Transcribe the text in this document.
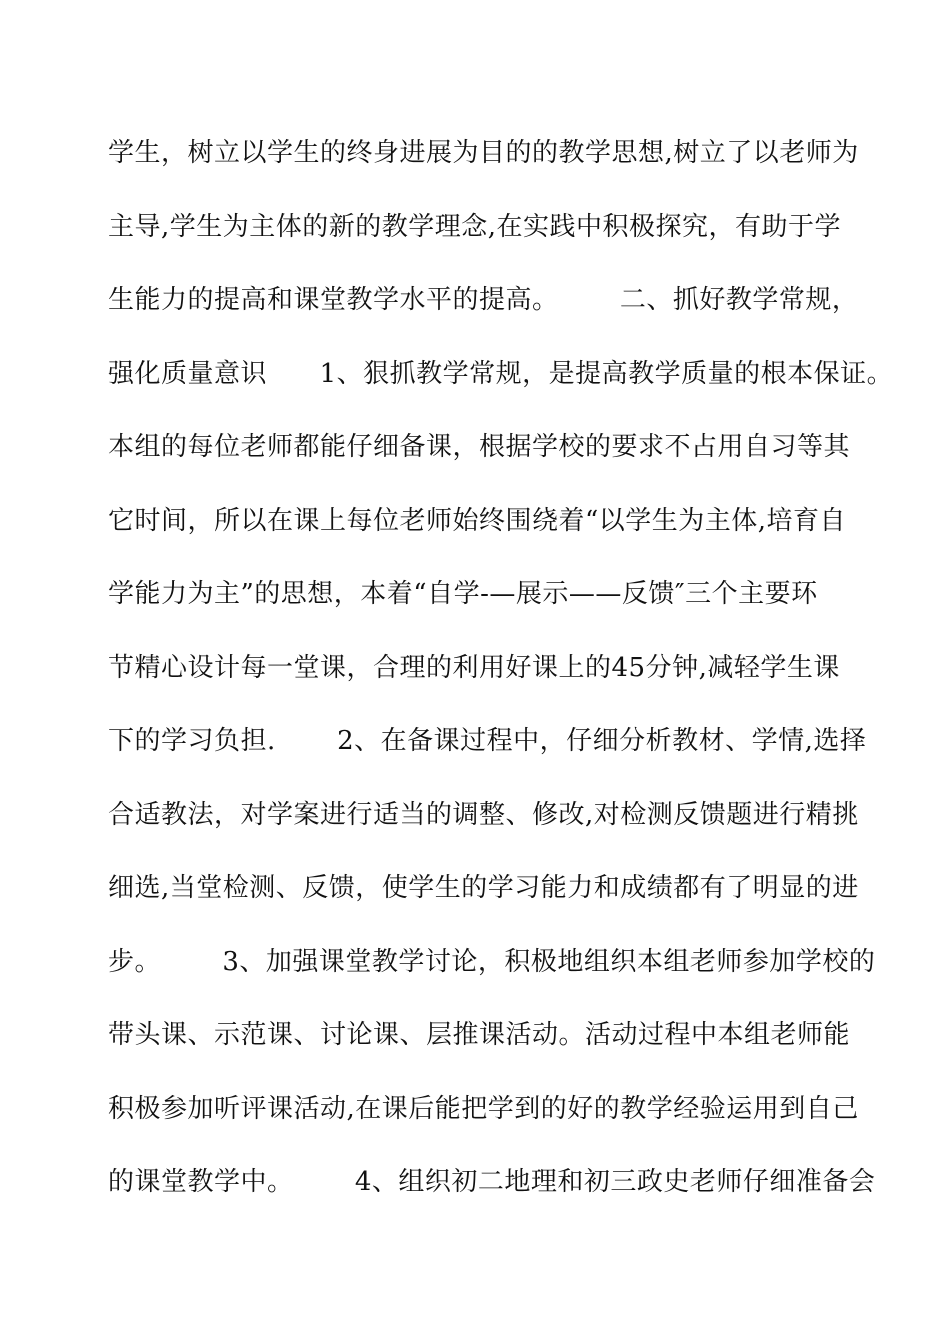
学生，树立以学生的终身进展为目的的教学思想,树立了以老师为
主导,学生为主体的新的教学理念,在实践中积极探究，有助于学
生能力的提高和课堂教学水平的提高。       二、抓好教学常规，
强化质量意识      1、狠抓教学常规，是提高教学质量的根本保证。
本组的每位老师都能仔细备课，根据学校的要求不占用自习等其
它时间，所以在课上每位老师始终围绕着“以学生为主体,培育自
学能力为主”的思想，本着“自学-—展示——反馈″三个主要环
节精心设计每一堂课，合理的利用好课上的45分钟,减轻学生课
下的学习负担.       2、在备课过程中，仔细分析教材、学情,选择
合适教法，对学案进行适当的调整、修改,对检测反馈题进行精挑
细选,当堂检测、反馈，使学生的学习能力和成绩都有了明显的进
步。       3、加强课堂教学讨论，积极地组织本组老师参加学校的
带头课、示范课、讨论课、层推课活动。活动过程中本组老师能
积极参加听评课活动,在课后能把学到的好的教学经验运用到自己
的课堂教学中。       4、组织初二地理和初三政史老师仔细准备会
